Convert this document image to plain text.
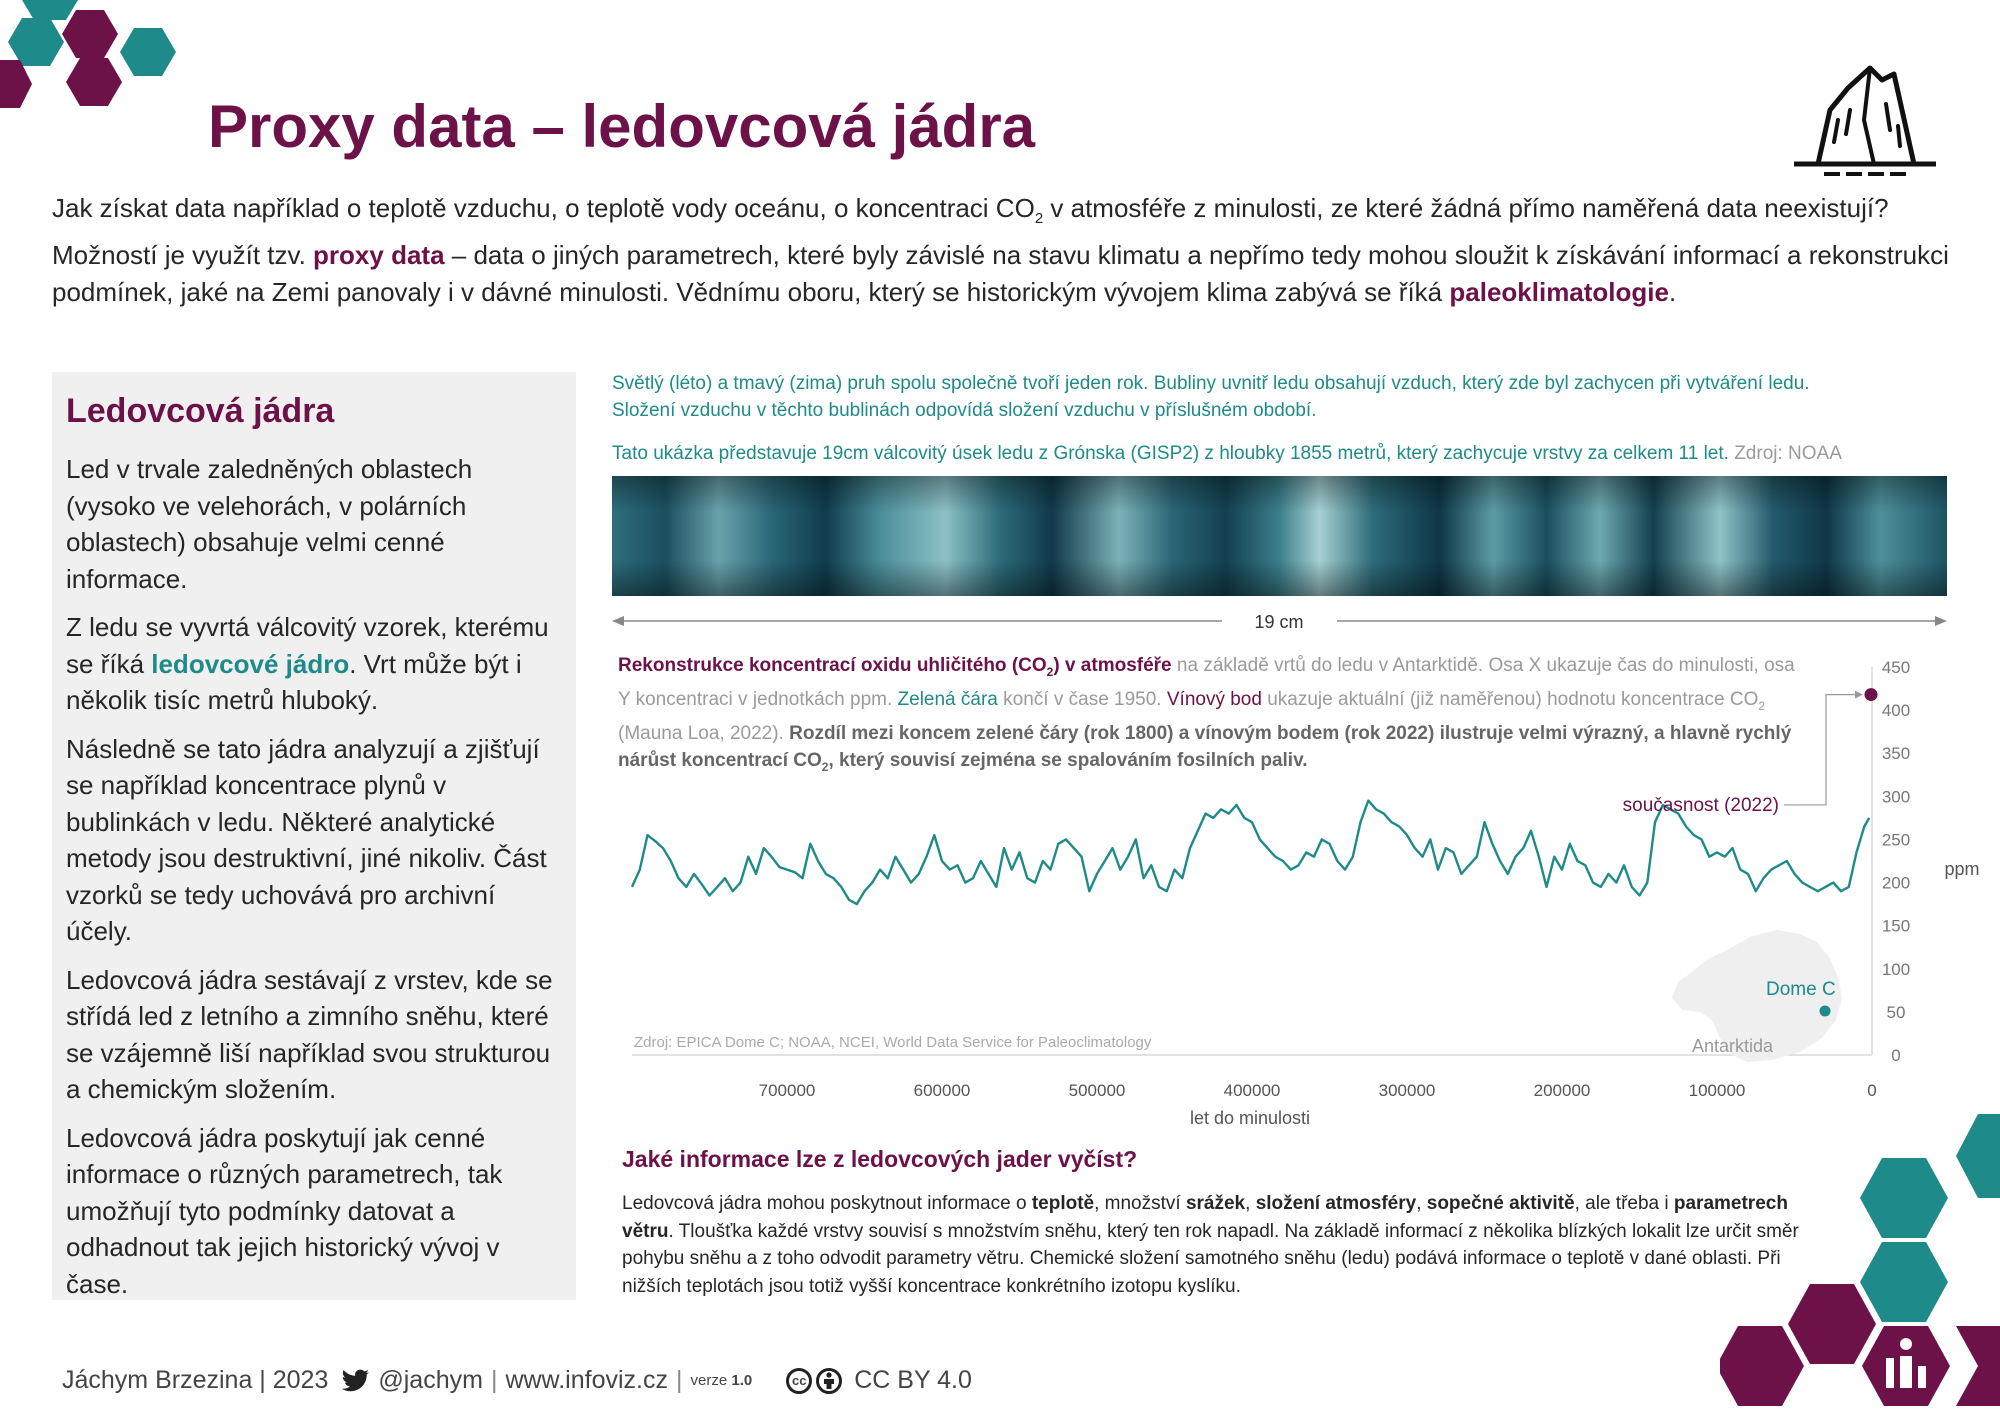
Proxy data – ledovcová jádra

Jak získat data například o teplotě vzduchu, o teplotě vody oceánu, o koncentraci $CO_2$ v atmosféře z minulosti, ze které žádná přímo naměřená data neexistují? Možností je využít tzv. proxy data – data o jiných parametrech, které byly závislé na stavu klimatu a nepřímo tedy mohou sloužit k získávání informací a rekonstrukci podmínek, jaké na Zemi panovaly i v dávné minulosti. Vědnímu oboru, který se historickým vývojem klima zabývá se říká paleoklimatologie.

Ledovcová jádra

Led v trvale zaledněných oblastech (vysoko ve velehorách, v polárních oblastech) obsahuje velmi cenné informace.

Z ledu se vyvrtá válcovitý vzorek, kterému se říká ledovcové jádro. Vrt může být i několik tisíc metrů hluboký.

Následně se tato jádra analyzují a zjišťují se například koncentrace plynů v bublinkách v ledu. Některé analytické metody jsou destruktivní, jiné nikoliv. Část vzorků se tedy uchovává pro archivní účely.

Ledovcová jádra sestávají z vrstev, kde se střídá led z letního a zimního sněhu, které se vzájemně liší například svou strukturou a chemickým složením.

Ledovcová jádra poskytují jak cenné informace o různých parametrech, tak umožňují tyto podmínky datovat a odhadnout tak jejich historický vývoj v čase.

Světlý (léto) a tmavý (zima) pruh spolu společně tvoří jeden rok. Bubliny uvnitř ledu obsahují vzduch, který zde byl zachycen při vytváření ledu. Složení vzduchu v těchto bublinách odpovídá složení vzduchu v příslušném období.

Tato ukázka představuje 19cm válcovitý úsek ledu z Grónska (GISP2) z hloubky 1855 metrů, který zachycuje vrstvy za celkem 11 let. Zdroj: NOAA

19 cm
0
50
100
150
200
250
300
350
400
450
700000	600000	500000	400000	300000	200000	100000	0
Dome C
Antarktida
Zdroj: EPICA Dome C; NOAA, NCEI, World Data Service for Paleoclimatology
současnost (2022)
let do minulosti
ppm

Rekonstrukce koncentrací oxidu uhličitého $(CO_2)$ v atmosféře na základě vrtů do ledu v Antarktidě. Osa X ukazuje čas do minulosti, osa Y koncentraci v jednotkách ppm. Zelená čára končí v čase 1950. Vínový bod ukazuje aktuální (již naměřenou) hodnotu koncentrace $CO_2$ (Mauna Loa, 2022). Rozdíl mezi koncem zelené čáry (rok 1800) a vínovým bodem (rok 2022) ilustruje velmi výrazný, a hlavně rychlý nárůst koncentrací $CO_2$, který souvisí zejména se spalováním fosilních paliv.

Jaké informace lze z ledovcových jader vyčíst?

Ledovcová jádra mohou poskytnout informace o teplotě, množství srážek, složení atmosféry, sopečné aktivitě, ale třeba i parametrech větru. Tloušťka každé vrstvy souvisí s množstvím sněhu, který ten rok napadl. Na základě informací z několika blízkých lokalit lze určit směr pohybu sněhu a z toho odvodit parametry větru. Chemické složení samotného sněhu (ledu) podává informace o teplotě v dané oblasti. Při nižších teplotách jsou totiž vyšší koncentrace konkrétního izotopu kyslíku.

Jáchym Brzezina | 2023 @jachym | www.infoviz.cz | verze 1.0	cc CC BY 4.0
